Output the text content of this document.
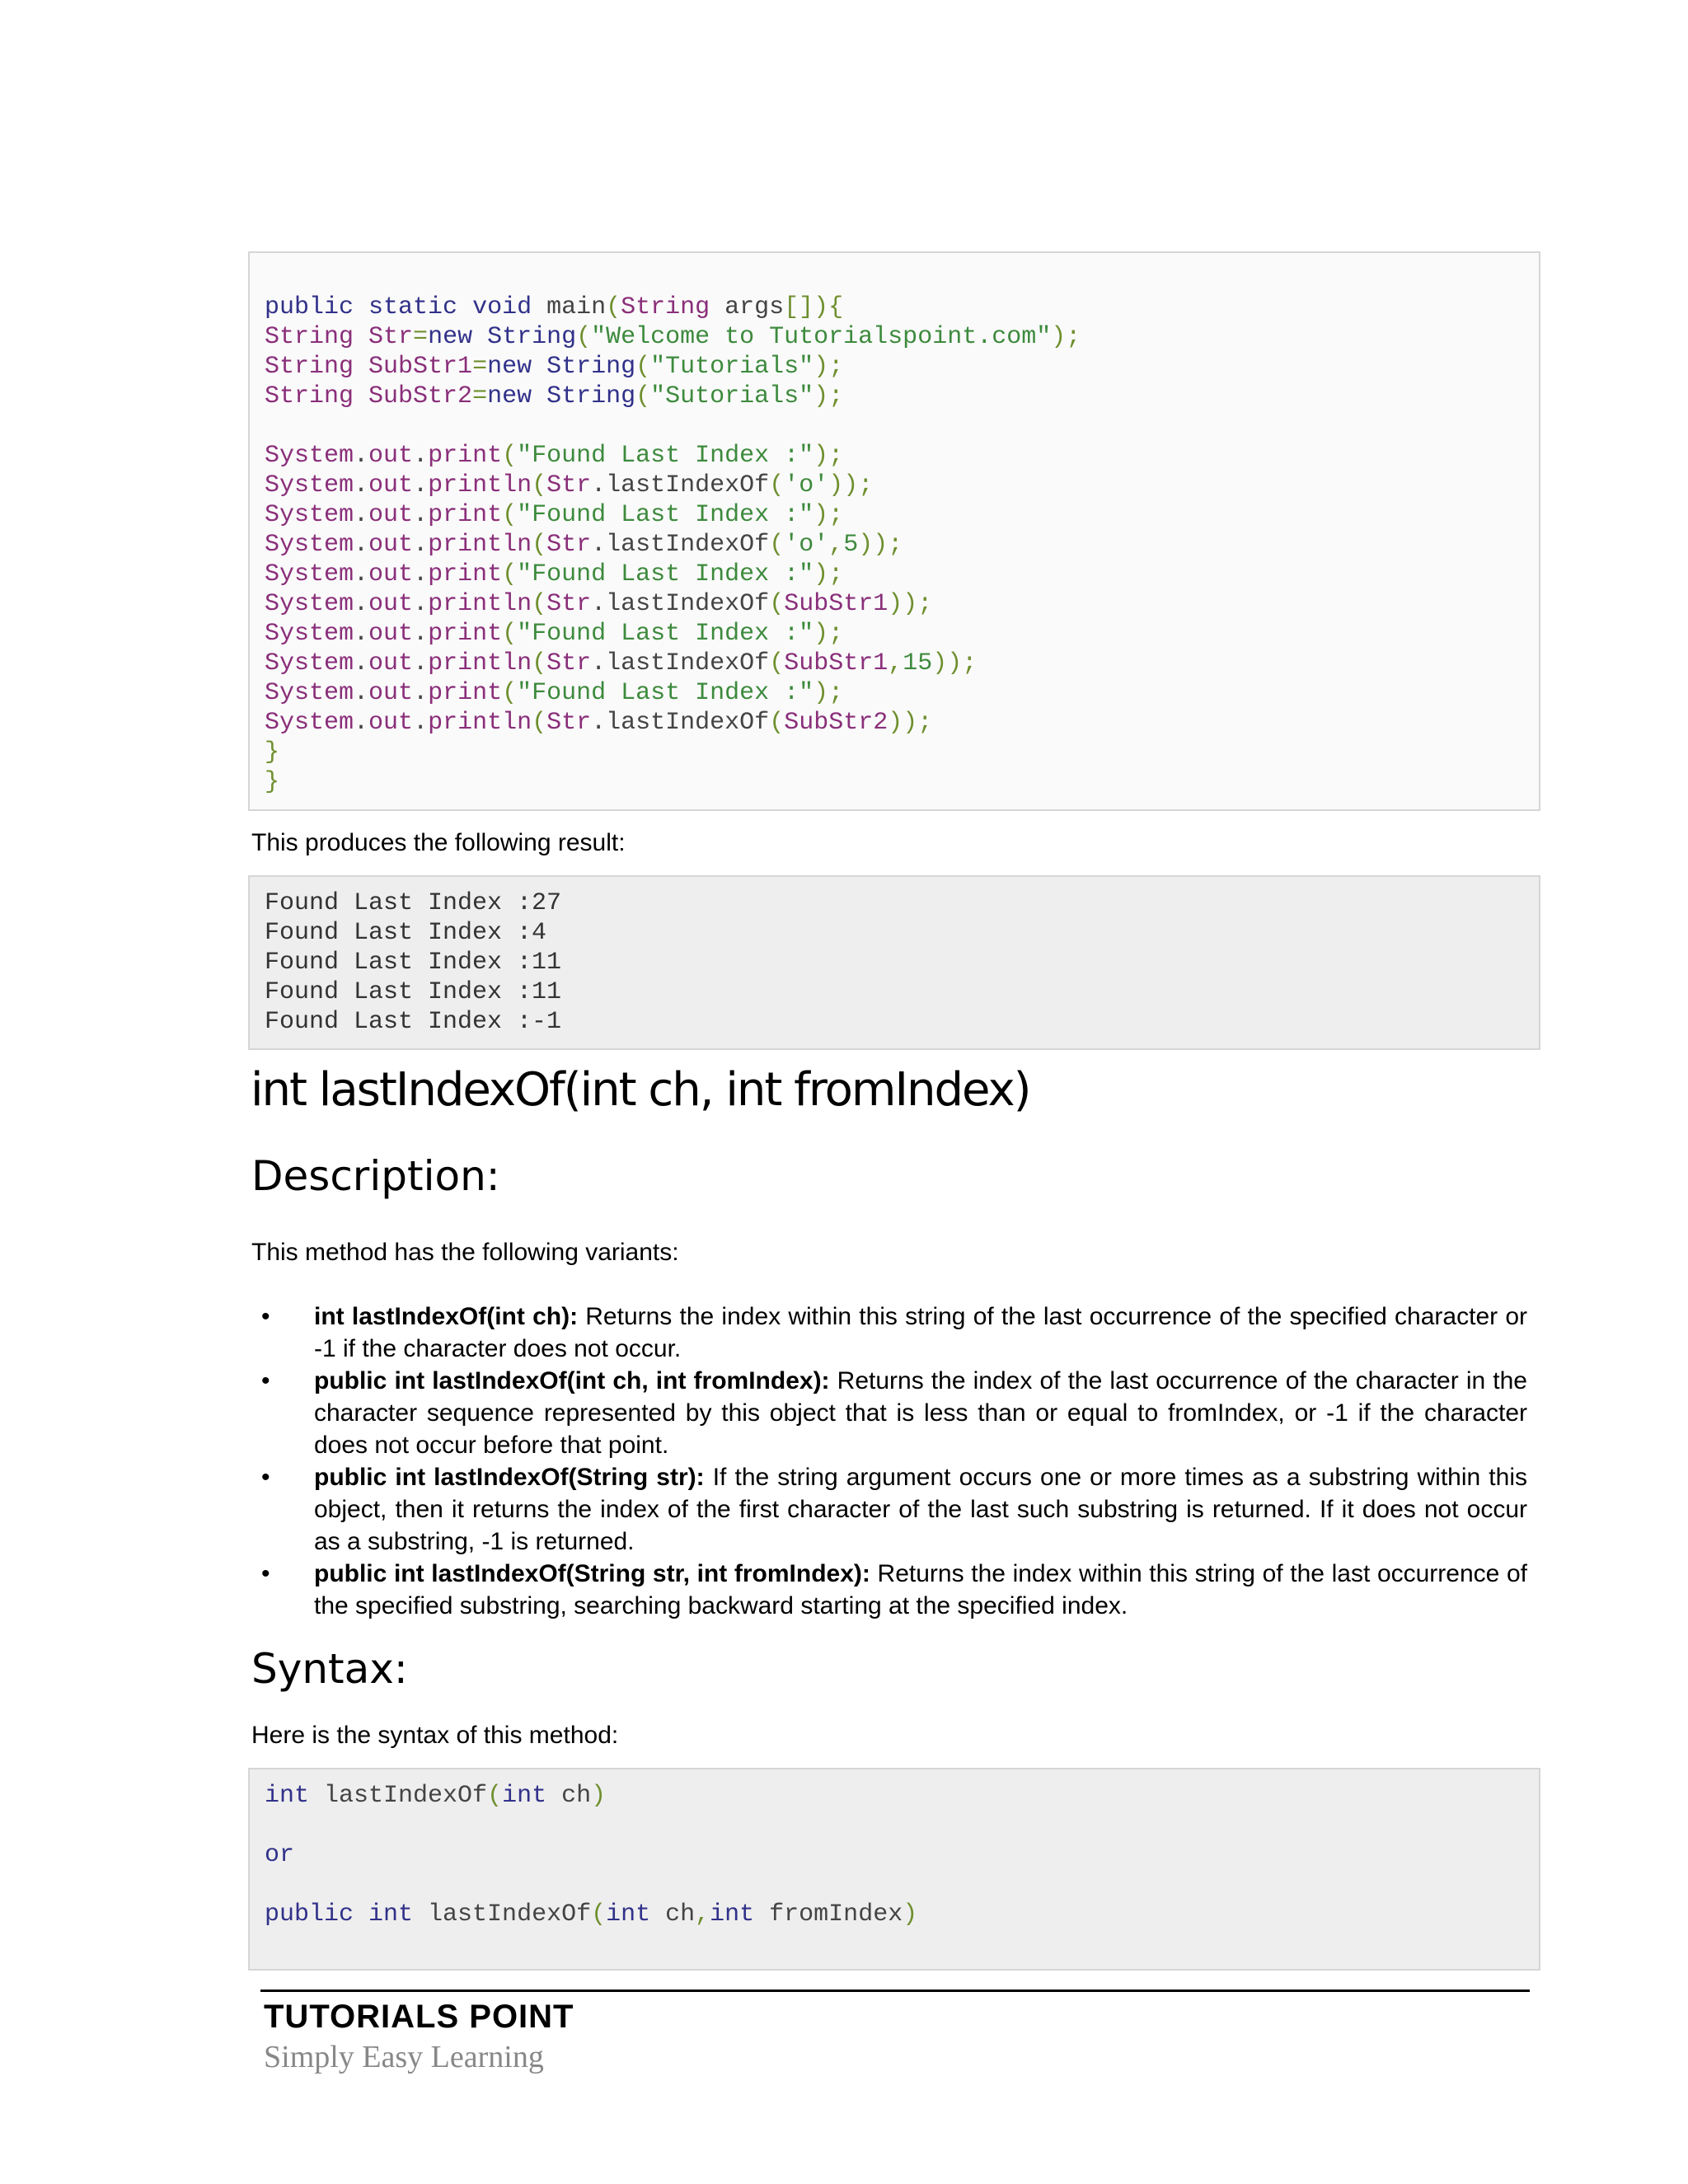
public static void main(String args[]){
String Str=new String("Welcome to Tutorialspoint.com");
String SubStr1=new String("Tutorials");
String SubStr2=new String("Sutorials");

System.out.print("Found Last Index :");
System.out.println(Str.lastIndexOf('o'));
System.out.print("Found Last Index :");
System.out.println(Str.lastIndexOf('o',5));
System.out.print("Found Last Index :");
System.out.println(Str.lastIndexOf(SubStr1));
System.out.print("Found Last Index :");
System.out.println(Str.lastIndexOf(SubStr1,15));
System.out.print("Found Last Index :");
System.out.println(Str.lastIndexOf(SubStr2));
}
}
This produces the following result:
Found Last Index :27
Found Last Index :4
Found Last Index :11
Found Last Index :11
Found Last Index :-1
int lastIndexOf(int ch, int fromIndex)
Description:
This method has the following variants:
• int lastIndexOf(int ch): Returns the index within this string of the last occurrence of the specified character or -1 if the character does not occur.
• public int lastIndexOf(int ch, int fromIndex): Returns the index of the last occurrence of the character in the character sequence represented by this object that is less than or equal to fromIndex, or -1 if the character does not occur before that point.
• public int lastIndexOf(String str): If the string argument occurs one or more times as a substring within this object, then it returns the index of the first character of the last such substring is returned. If it does not occur as a substring, -1 is returned.
• public int lastIndexOf(String str, int fromIndex): Returns the index within this string of the last occurrence of the specified substring, searching backward starting at the specified index.
Syntax:
Here is the syntax of this method:
int lastIndexOf(int ch)

or

public int lastIndexOf(int ch,int fromIndex)
TUTORIALS POINT
Simply Easy Learning
